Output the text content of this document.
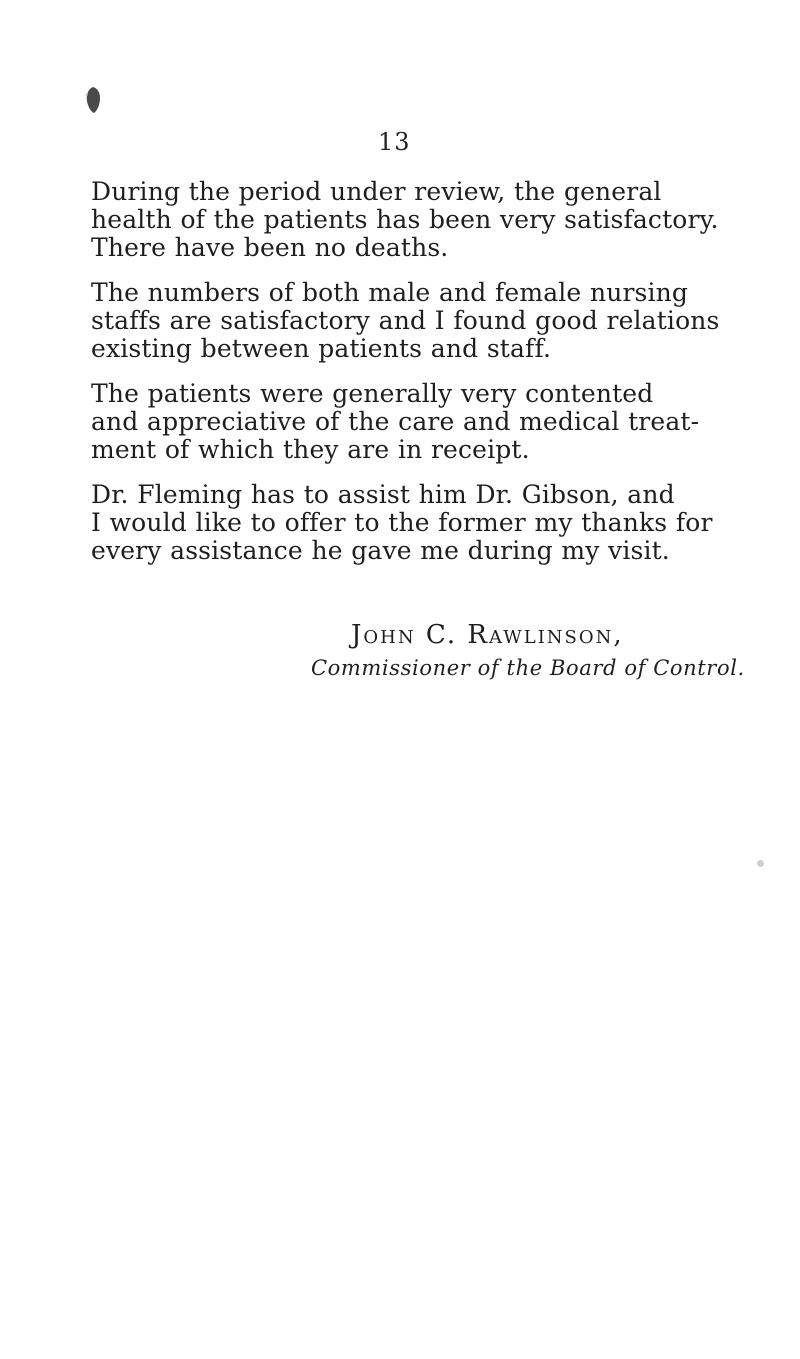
13

During the period under review, the general
health of the patients has been very satisfactory.
There have been no deaths.

The numbers of both male and female nursing
staffs are satisfactory and I found good relations
existing between patients and staff.

The patients were generally very contented
and appreciative of the care and medical treat-
ment of which they are in receipt.

Dr. Fleming has to assist him Dr. Gibson, and
I would like to offer to the former my thanks for
every assistance he gave me during my visit.

John C. Rawlinson,
Commissioner of the Board of Control.
